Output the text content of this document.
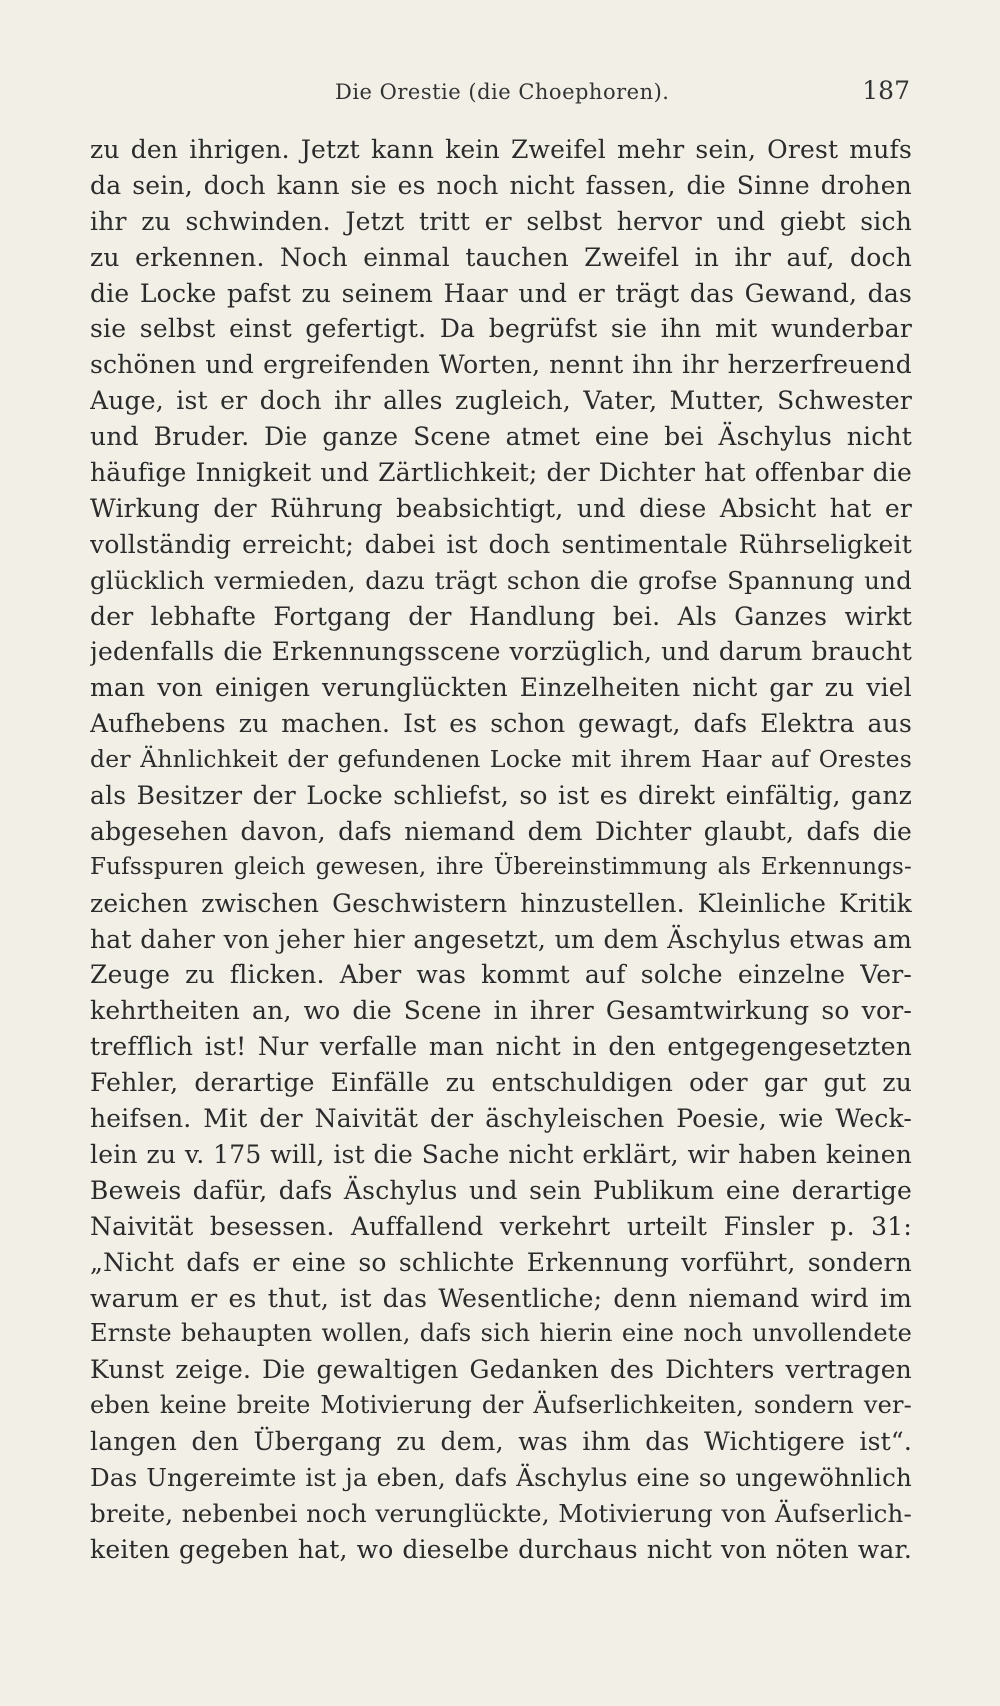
Die Orestie (die Choephoren).	187
zu den ihrigen. Jetzt kann kein Zweifel mehr sein, Orest mufs
da sein, doch kann sie es noch nicht fassen, die Sinne drohen
ihr zu schwinden. Jetzt tritt er selbst hervor und giebt sich
zu erkennen. Noch einmal tauchen Zweifel in ihr auf, doch
die Locke pafst zu seinem Haar und er trägt das Gewand, das
sie selbst einst gefertigt. Da begrüfst sie ihn mit wunderbar
schönen und ergreifenden Worten, nennt ihn ihr herzerfreuend
Auge, ist er doch ihr alles zugleich, Vater, Mutter, Schwester
und Bruder. Die ganze Scene atmet eine bei Äschylus nicht
häufige Innigkeit und Zärtlichkeit; der Dichter hat offenbar die
Wirkung der Rührung beabsichtigt, und diese Absicht hat er
vollständig erreicht; dabei ist doch sentimentale Rührseligkeit
glücklich vermieden, dazu trägt schon die grofse Spannung und
der lebhafte Fortgang der Handlung bei. Als Ganzes wirkt
jedenfalls die Erkennungsscene vorzüglich, und darum braucht
man von einigen verunglückten Einzelheiten nicht gar zu viel
Aufhebens zu machen. Ist es schon gewagt, dafs Elektra aus
der Ähnlichkeit der gefundenen Locke mit ihrem Haar auf Orestes
als Besitzer der Locke schliefst, so ist es direkt einfältig, ganz
abgesehen davon, dafs niemand dem Dichter glaubt, dafs die
Fufsspuren gleich gewesen, ihre Übereinstimmung als Erkennungs-
zeichen zwischen Geschwistern hinzustellen. Kleinliche Kritik
hat daher von jeher hier angesetzt, um dem Äschylus etwas am
Zeuge zu flicken. Aber was kommt auf solche einzelne Ver-
kehrtheiten an, wo die Scene in ihrer Gesamtwirkung so vor-
trefflich ist! Nur verfalle man nicht in den entgegengesetzten
Fehler, derartige Einfälle zu entschuldigen oder gar gut zu
heifsen. Mit der Naivität der äschyleischen Poesie, wie Weck-
lein zu v. 175 will, ist die Sache nicht erklärt, wir haben keinen
Beweis dafür, dafs Äschylus und sein Publikum eine derartige
Naivität besessen. Auffallend verkehrt urteilt Finsler p. 31:
„Nicht dafs er eine so schlichte Erkennung vorführt, sondern
warum er es thut, ist das Wesentliche; denn niemand wird im
Ernste behaupten wollen, dafs sich hierin eine noch unvollendete
Kunst zeige. Die gewaltigen Gedanken des Dichters vertragen
eben keine breite Motivierung der Äufserlichkeiten, sondern ver-
langen den Übergang zu dem, was ihm das Wichtigere ist“.
Das Ungereimte ist ja eben, dafs Äschylus eine so ungewöhnlich
breite, nebenbei noch verunglückte, Motivierung von Äufserlich-
keiten gegeben hat, wo dieselbe durchaus nicht von nöten war.
